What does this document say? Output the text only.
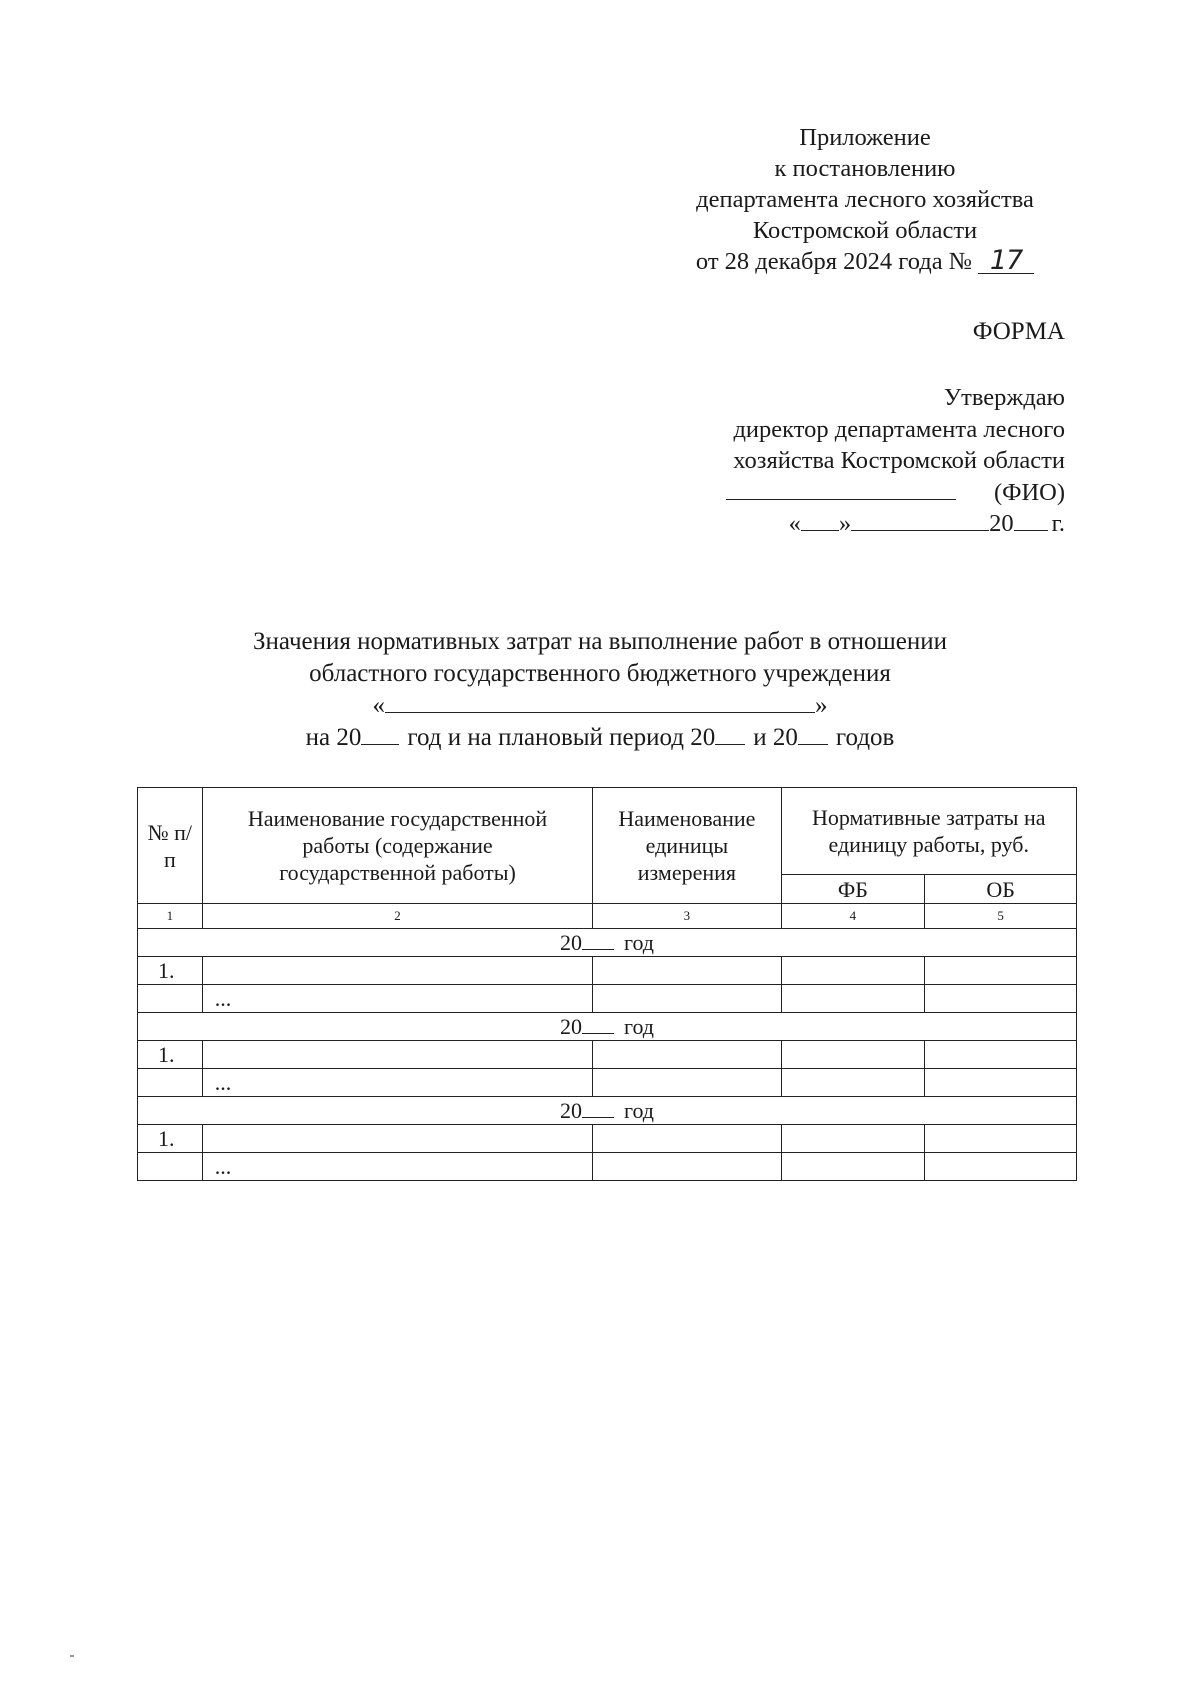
Приложение
к постановлению
департамента лесного хозяйства
Костромской области
от 28 декабря 2024 года № 17
ФОРМА
Утверждаю
директор департамента лесного
хозяйства Костромской области
(ФИО)
« »	20 г.
Значения нормативных затрат на выполнение работ в отношении
областного государственного бюджетного учреждения
«	»
на 20 год и на плановый период 20 и 20 годов
№ п/п	Наименование государственной работы (содержание государственной работы)	Наименование единицы измерения	Нормативные затраты на единицу работы, руб.	
			ФБ	ОБ
1	2	3	4	5
20 год				
1.				
	...			
20 год				
1.				
	...			
20 год				
1.				
	...			
